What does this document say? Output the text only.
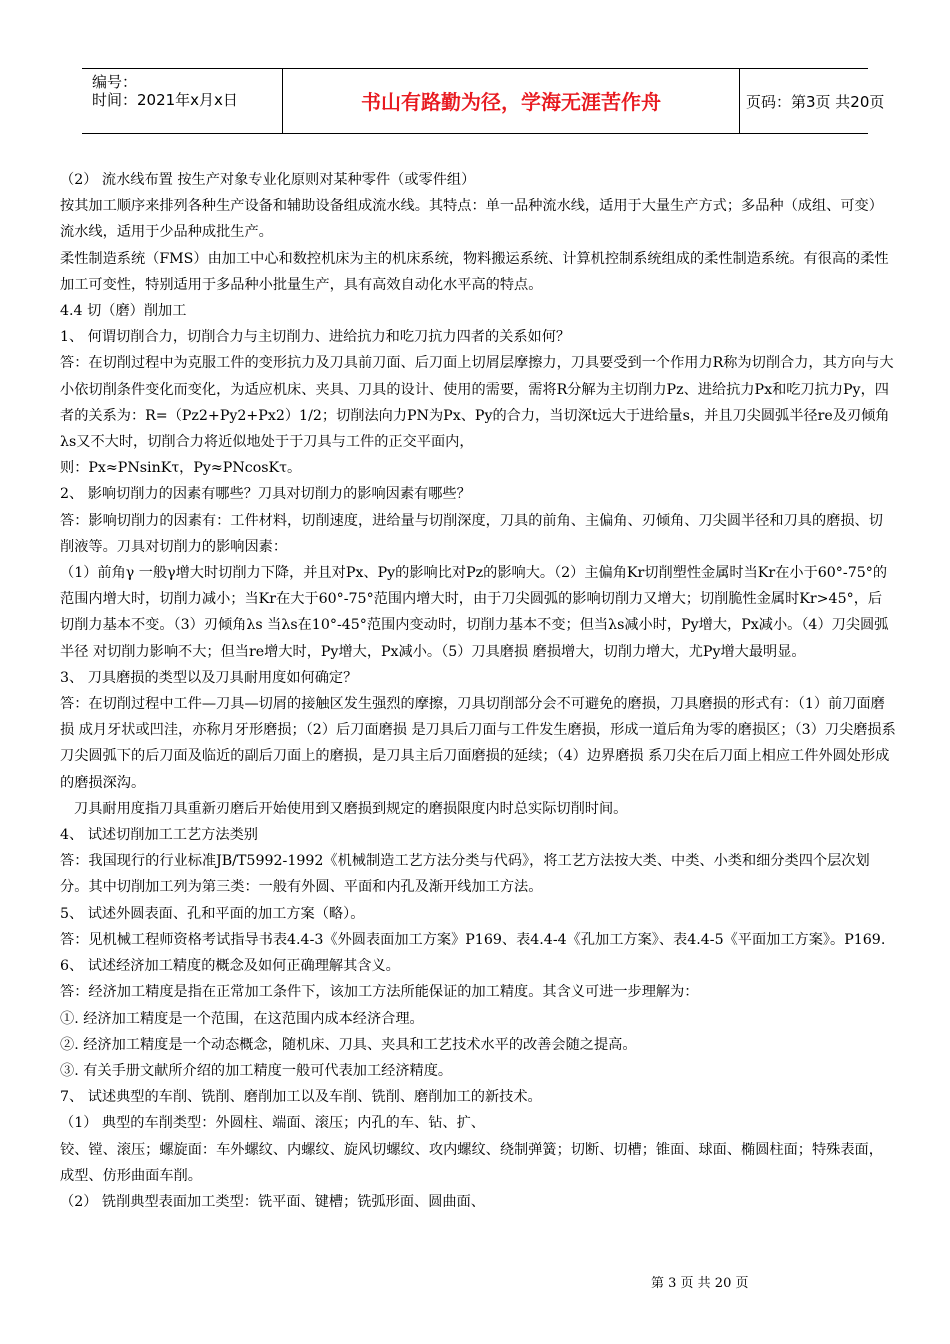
编号：
时间：2021年x月x日	书山有路勤为径，学海无涯苦作舟	页码：第3页 共20页

（2） 流水线布置 按生产对象专业化原则对某种零件（或零件组）

按其加工顺序来排列各种生产设备和辅助设备组成流水线。其特点：单一品种流水线，适用于大量生产方式；多品种（成组、可变）流水线，适用于少品种成批生产。

柔性制造系统（FMS）由加工中心和数控机床为主的机床系统，物料搬运系统、计算机控制系统组成的柔性制造系统。有很高的柔性加工可变性，特别适用于多品种小批量生产，具有高效自动化水平高的特点。

4.4 切（磨）削加工

1、 何谓切削合力，切削合力与主切削力、进给抗力和吃刀抗力四者的关系如何？

答：在切削过程中为克服工件的变形抗力及刀具前刀面、后刀面上切屑层摩擦力，刀具要受到一个作用力R称为切削合力，其方向与大小依切削条件变化而变化，为适应机床、夹具、刀具的设计、使用的需要，需将R分解为主切削力Pz、进给抗力Px和吃刀抗力Py，四者的关系为：R=（Pz2+Py2+Px2）1/2；切削法向力PN为Px、Py的合力，当切深t远大于进给量s，并且刀尖圆弧半径re及刃倾角λs又不大时，切削合力将近似地处于于刀具与工件的正交平面内，

则：Px≈PNsinKτ，Py≈PNcosKτ。

2、 影响切削力的因素有哪些？刀具对切削力的影响因素有哪些？

答：影响切削力的因素有：工件材料，切削速度，进给量与切削深度，刀具的前角、主偏角、刃倾角、刀尖圆半径和刀具的磨损、切削液等。刀具对切削力的影响因素：

（1）前角γ 一般γ增大时切削力下降，并且对Px、Py的影响比对Pz的影响大。（2）主偏角Kr切削塑性金属时当Kr在小于60°-75°的范围内增大时，切削力减小；当Kr在大于60°-75°范围内增大时，由于刀尖圆弧的影响切削力又增大；切削脆性金属时Kr>45°，后切削力基本不变。（3）刃倾角λs 当λs在10°-45°范围内变动时，切削力基本不变；但当λs减小时，Py增大，Px减小。（4）刀尖圆弧半径 对切削力影响不大；但当re增大时，Py增大，Px减小。（5）刀具磨损 磨损增大，切削力增大，尤Py增大最明显。

3、 刀具磨损的类型以及刀具耐用度如何确定？

答：在切削过程中工件—刀具—切屑的接触区发生强烈的摩擦，刀具切削部分会不可避免的磨损，刀具磨损的形式有：（1）前刀面磨损 成月牙状或凹洼，亦称月牙形磨损；（2）后刀面磨损 是刀具后刀面与工件发生磨损，形成一道后角为零的磨损区；（3）刀尖磨损系刀尖圆弧下的后刀面及临近的副后刀面上的磨损，是刀具主后刀面磨损的延续；（4）边界磨损 系刀尖在后刀面上相应工件外圆处形成的磨损深沟。

刀具耐用度指刀具重新刃磨后开始使用到又磨损到规定的磨损限度内时总实际切削时间。

4、 试述切削加工工艺方法类别

答：我国现行的行业标准JB/T5992-1992《机械制造工艺方法分类与代码》，将工艺方法按大类、中类、小类和细分类四个层次划分。其中切削加工列为第三类：一般有外圆、平面和内孔及渐开线加工方法。

5、 试述外圆表面、孔和平面的加工方案（略）。

答：见机械工程师资格考试指导书表4.4-3《外圆表面加工方案》P169、表4.4-4《孔加工方案》、表4.4-5《平面加工方案》。P169.

6、 试述经济加工精度的概念及如何正确理解其含义。

答：经济加工精度是指在正常加工条件下，该加工方法所能保证的加工精度。其含义可进一步理解为：

①. 经济加工精度是一个范围，在这范围内成本经济合理。

②. 经济加工精度是一个动态概念，随机床、刀具、夹具和工艺技术水平的改善会随之提高。

③. 有关手册文献所介绍的加工精度一般可代表加工经济精度。

7、 试述典型的车削、铣削、磨削加工以及车削、铣削、磨削加工的新技术。

（1） 典型的车削类型：外圆柱、端面、滚压；内孔的车、钻、扩、

铰、镗、滚压；螺旋面：车外螺纹、内螺纹、旋风切螺纹、攻内螺纹、绕制弹簧；切断、切槽；锥面、球面、椭圆柱面；特殊表面，成型、仿形曲面车削。

（2） 铣削典型表面加工类型：铣平面、键槽；铣弧形面、圆曲面、

第 3 页 共 20 页
